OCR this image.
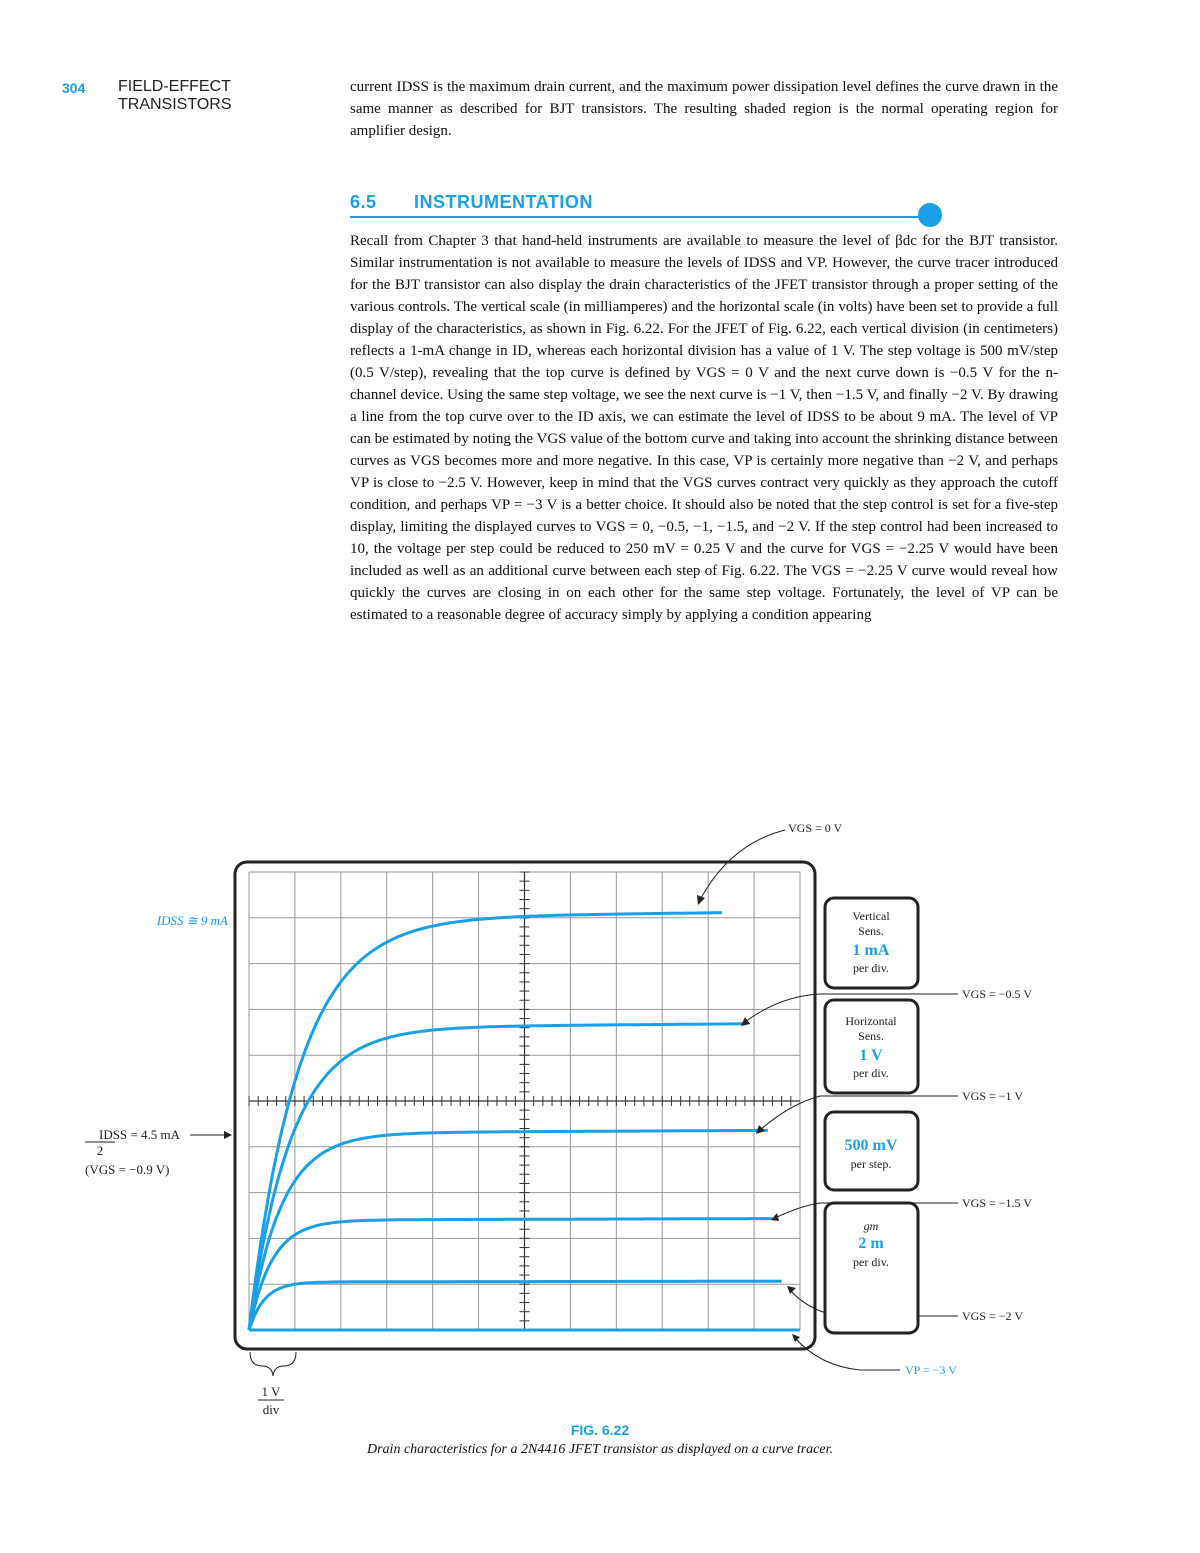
304 FIELD-EFFECT
TRANSISTORS
current IDSS is the maximum drain current, and the maximum power dissipation level defines the curve drawn in the same manner as described for BJT transistors. The resulting shaded region is the normal operating region for amplifier design.
6.5 INSTRUMENTATION

Recall from Chapter 3 that hand-held instruments are available to measure the level of βdc for the BJT transistor. Similar instrumentation is not available to measure the levels of IDSS and VP. However, the curve tracer introduced for the BJT transistor can also display the drain characteristics of the JFET transistor through a proper setting of the various controls. The vertical scale (in milliamperes) and the horizontal scale (in volts) have been set to provide a full display of the characteristics, as shown in Fig. 6.22. For the JFET of Fig. 6.22, each vertical division (in centimeters) reflects a 1-mA change in ID, whereas each horizontal division has a value of 1 V. The step voltage is 500 mV/step (0.5 V/step), revealing that the top curve is defined by VGS = 0 V and the next curve down is −0.5 V for the n-channel device. Using the same step voltage, we see the next curve is −1 V, then −1.5 V, and finally −2 V. By drawing a line from the top curve over to the ID axis, we can estimate the level of IDSS to be about 9 mA. The level of VP can be estimated by noting the VGS value of the bottom curve and taking into account the shrinking distance between curves as VGS becomes more and more negative. In this case, VP is certainly more negative than −2 V, and perhaps VP is close to −2.5 V. However, keep in mind that the VGS curves contract very quickly as they approach the cutoff condition, and perhaps VP = −3 V is a better choice. It should also be noted that the step control is set for a five-step display, limiting the displayed curves to VGS = 0, −0.5, −1, −1.5, and −2 V. If the step control had been increased to 10, the voltage per step could be reduced to 250 mV = 0.25 V and the curve for VGS = −2.25 V would have been included as well as an additional curve between each step of Fig. 6.22. The VGS = −2.25 V curve would reveal how quickly the curves are closing in on each other for the same step voltage. Fortunately, the level of VP can be estimated to a reasonable degree of accuracy simply by applying a condition appearing

IDSS ≅ 9 mA
IDSS = 4.5 mA
2
(VGS = −0.9 V)
1 V
div
VGS = 0 V
VGS = −0.5 V
VGS = −1 V
VGS = −1.5 V
VGS = −2 V
VP = −3 V
Vertical
Sens.
1 mA
per div.
Horizontal
Sens.
1 V
per div.
500 mV
per step.
gm
2 m
per div.
FIG. 6.22
Drain characteristics for a 2N4416 JFET transistor as displayed on a curve tracer.
